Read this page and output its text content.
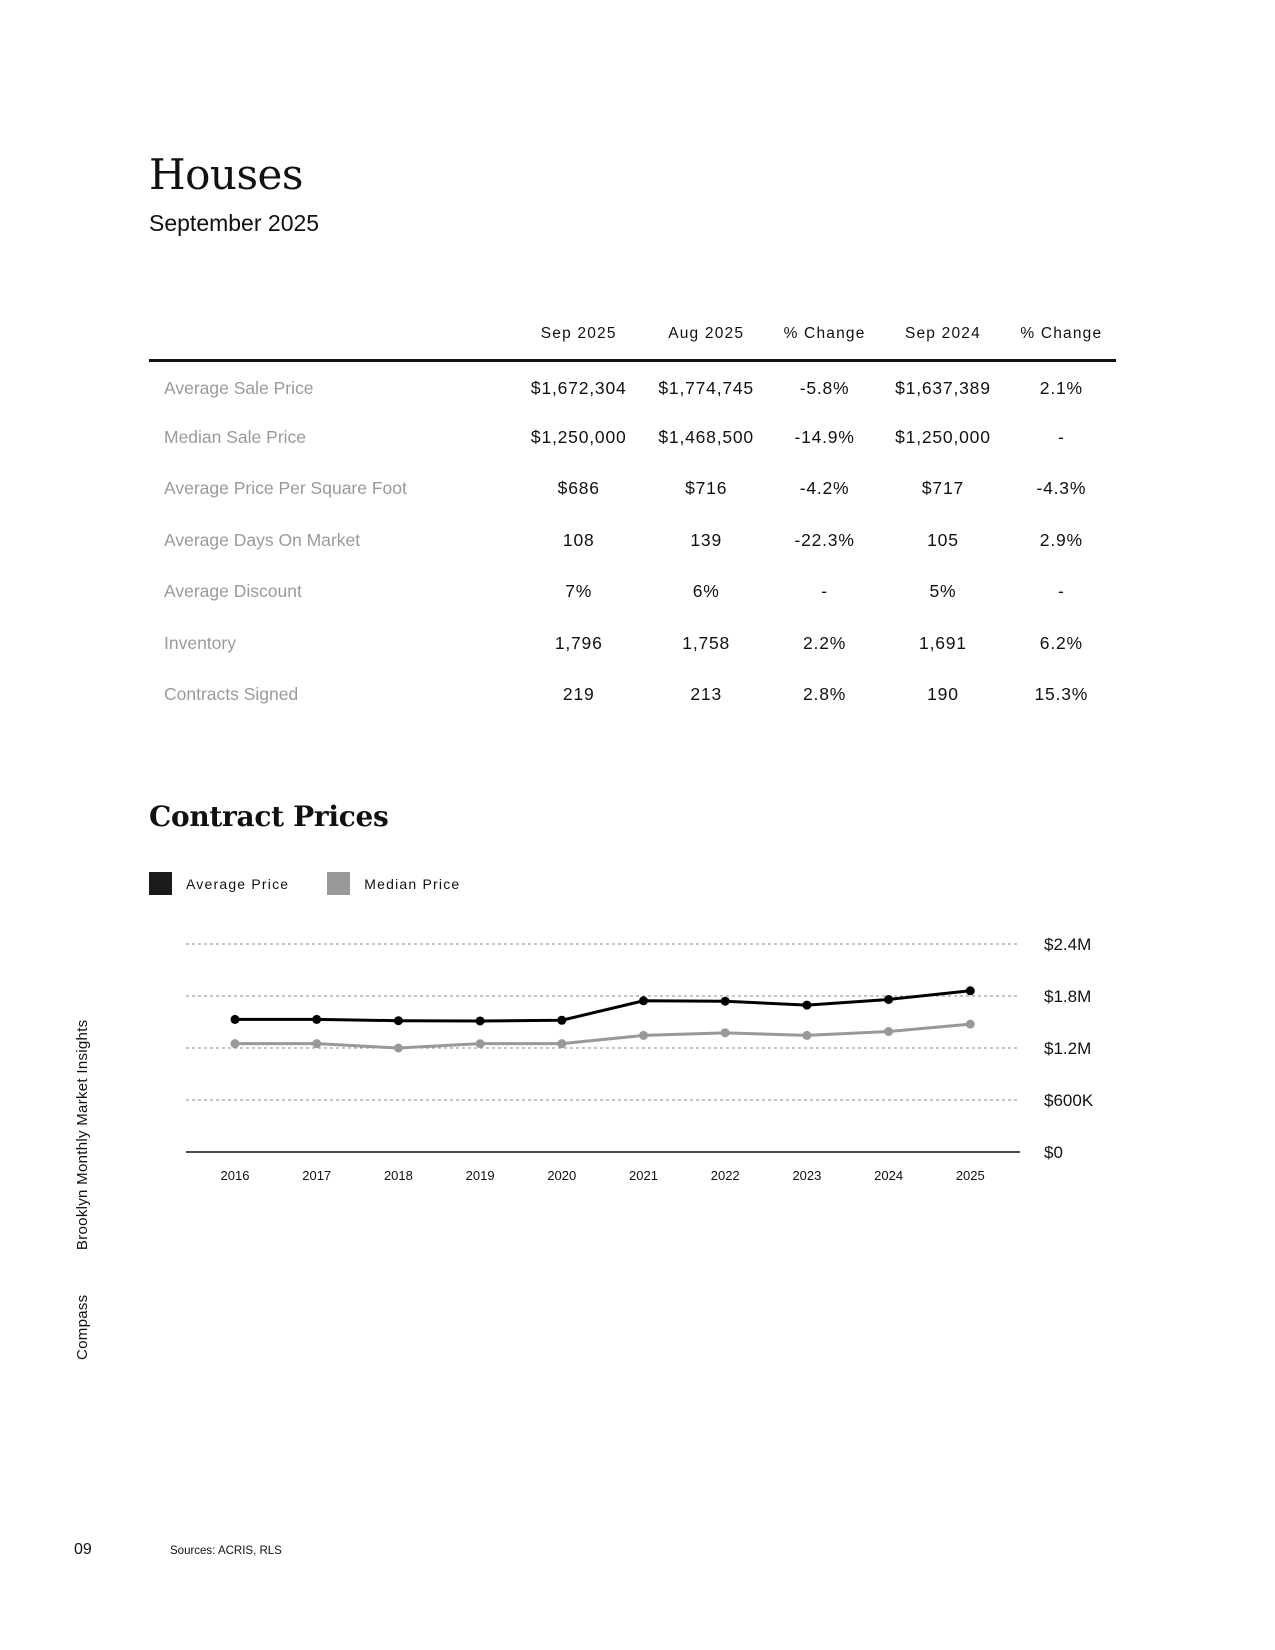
Houses
September 2025
	Sep 2025	Aug 2025	% Change	Sep 2024	% Change
Average Sale Price	$1,672,304	$1,774,745	-5.8%	$1,637,389	2.1%
Median Sale Price	$1,250,000	$1,468,500	-14.9%	$1,250,000	-
Average Price Per Square Foot	$686	$716	-4.2%	$717	-4.3%
Average Days On Market	108	139	-22.3%	105	2.9%
Average Discount	7%	6%	-	5%	-
Inventory	1,796	1,758	2.2%	1,691	6.2%
Contracts Signed	219	213	2.8%	190	15.3%
Contract Prices
Average Price	Median Price
$0
$600K
$1.2M
$1.8M
$2.4M
2016	2017	2018	2019	2020	2021	2022	2023	2024	2025
Compass Brooklyn Monthly Market Insights
09	Sources: ACRIS, RLS
